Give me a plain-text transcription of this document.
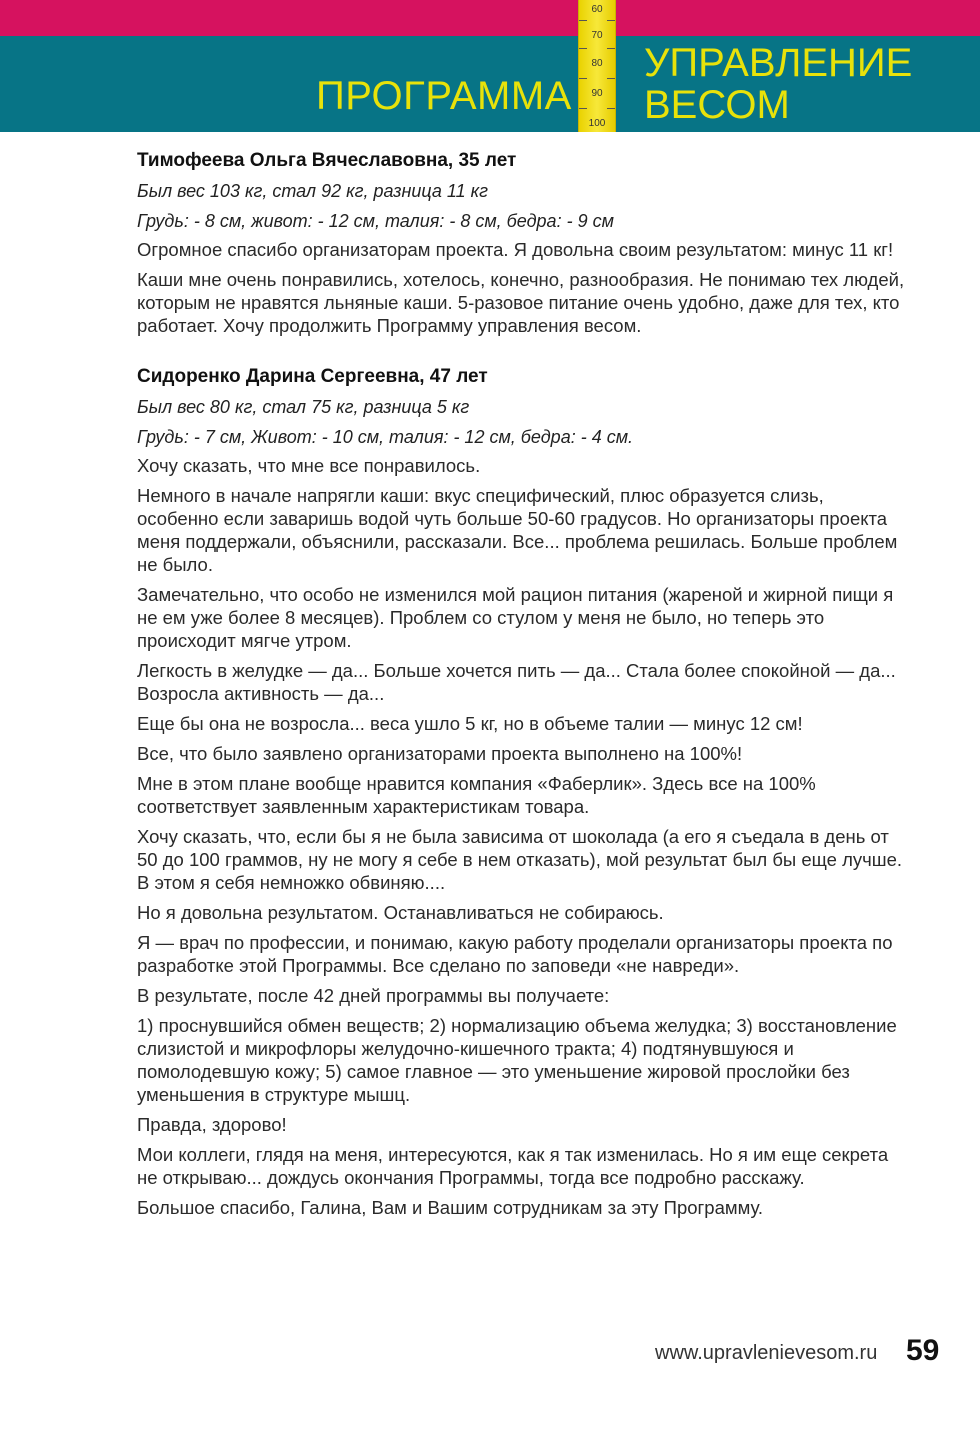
ПРОГРАММА
УПРАВЛЕНИЕ
ВЕСОМ
60
70
80
90
100

Тимофеева Ольга Вячеславовна, 35 лет

Был вес 103 кг, стал 92 кг, разница 11 кг

Грудь: - 8 см, живот: - 12 см, талия: - 8 см, бедра: - 9 см

Огромное спасибо организаторам проекта. Я довольна своим результатом: минус 11 кг!

Каши мне очень понравились, хотелось, конечно, разнообразия. Не понимаю тех людей, которым не нравятся льняные каши. 5-разовое питание очень удобно, даже для тех, кто работает. Хочу продолжить Программу управления весом.

Сидоренко Дарина Сергеевна, 47 лет

Был вес 80 кг, стал 75 кг, разница 5 кг

Грудь: - 7 см, Живот: - 10 см, талия: - 12 см, бедра: - 4 см.

Хочу сказать, что мне все понравилось.

Немного в начале напрягли каши: вкус специфический, плюс образуется слизь, особенно если заваришь водой чуть больше 50-60 градусов. Но организаторы проекта меня поддержали, объяснили, рассказали. Все... проблема решилась. Больше проблем не было.

Замечательно, что особо не изменился мой рацион питания (жареной и жирной пищи я не ем уже более 8 месяцев). Проблем со стулом у меня не было, но теперь это происходит мягче утром.

Легкость в желудке — да... Больше хочется пить — да... Стала более спокойной — да... Возросла активность — да...

Еще бы она не возросла... веса ушло 5 кг, но в объеме талии — минус 12 см!

Все, что было заявлено организаторами проекта выполнено на 100%!

Мне в этом плане вообще нравится компания «Фаберлик». Здесь все на 100% соответствует заявленным характеристикам товара.

Хочу сказать, что, если бы я не была зависима от шоколада (а его я съедала в день от 50 до 100 граммов, ну не могу я себе в нем отказать), мой результат был бы еще лучше. В этом я себя немножко обвиняю....

Но я довольна результатом. Останавливаться не собираюсь.

Я — врач по профессии, и понимаю, какую работу проделали организаторы проекта по разработке этой Программы. Все сделано по заповеди «не навреди».

В результате, после 42 дней программы вы получаете:

1) проснувшийся обмен веществ; 2) нормализацию объема желудка; 3) восстановление слизистой и микрофлоры желудочно-кишечного тракта; 4) подтянувшуюся и помолодевшую кожу; 5) самое главное — это уменьшение жировой прослойки без уменьшения в структуре мышц.

Правда, здорово!

Мои коллеги, глядя на меня, интересуются, как я так изменилась. Но я им еще секрета не открываю... дождусь окончания Программы, тогда все подробно расскажу.

Большое спасибо, Галина, Вам и Вашим сотрудникам за эту Программу.

www.upravlenievesom.ru 59
